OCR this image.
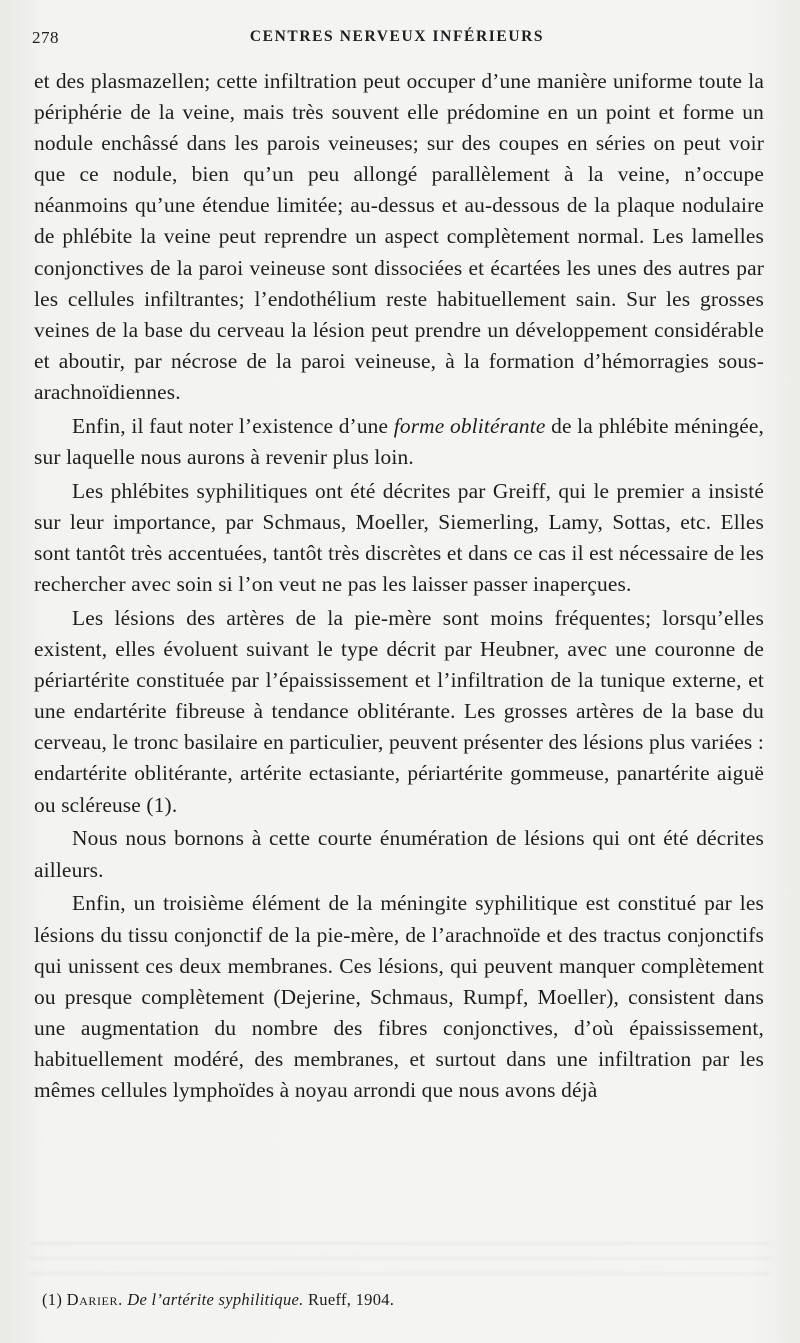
278	CENTRES NERVEUX INFÉRIEURS

et des plasmazellen; cette infiltration peut occuper d’une manière uniforme toute la périphérie de la veine, mais très souvent elle prédomine en un point et forme un nodule enchâssé dans les parois veineuses; sur des coupes en séries on peut voir que ce nodule, bien qu’un peu allongé parallèlement à la veine, n’occupe néanmoins qu’une étendue limitée; au-dessus et au-dessous de la plaque nodulaire de phlébite la veine peut reprendre un aspect complètement normal. Les lamelles conjonctives de la paroi veineuse sont dissociées et écartées les unes des autres par les cellules infiltrantes; l’endothélium reste habituellement sain. Sur les grosses veines de la base du cerveau la lésion peut prendre un développement considérable et aboutir, par nécrose de la paroi veineuse, à la formation d’hémorragies sous-arachnoïdiennes.

Enfin, il faut noter l’existence d’une forme oblitérante de la phlébite méningée, sur laquelle nous aurons à revenir plus loin.

Les phlébites syphilitiques ont été décrites par Greiff, qui le premier a insisté sur leur importance, par Schmaus, Moeller, Siemerling, Lamy, Sottas, etc. Elles sont tantôt très accentuées, tantôt très discrètes et dans ce cas il est nécessaire de les rechercher avec soin si l’on veut ne pas les laisser passer inaperçues.

Les lésions des artères de la pie-mère sont moins fréquentes; lorsqu’elles existent, elles évoluent suivant le type décrit par Heubner, avec une couronne de périartérite constituée par l’épaississement et l’infiltration de la tunique externe, et une endartérite fibreuse à tendance oblitérante. Les grosses artères de la base du cerveau, le tronc basilaire en particulier, peuvent présenter des lésions plus variées : endartérite oblitérante, artérite ectasiante, périartérite gommeuse, panartérite aiguë ou scléreuse (1).

Nous nous bornons à cette courte énumération de lésions qui ont été décrites ailleurs.

Enfin, un troisième élément de la méningite syphilitique est constitué par les lésions du tissu conjonctif de la pie-mère, de l’arachnoïde et des tractus conjonctifs qui unissent ces deux membranes. Ces lésions, qui peuvent manquer complètement ou presque complètement (Dejerine, Schmaus, Rumpf, Moeller), consistent dans une augmentation du nombre des fibres conjonctives, d’où épaississement, habituellement modéré, des membranes, et surtout dans une infiltration par les mêmes cellules lymphoïdes à noyau arrondi que nous avons déjà

(1) Darier. De l’artérite syphilitique. Rueff, 1904.
